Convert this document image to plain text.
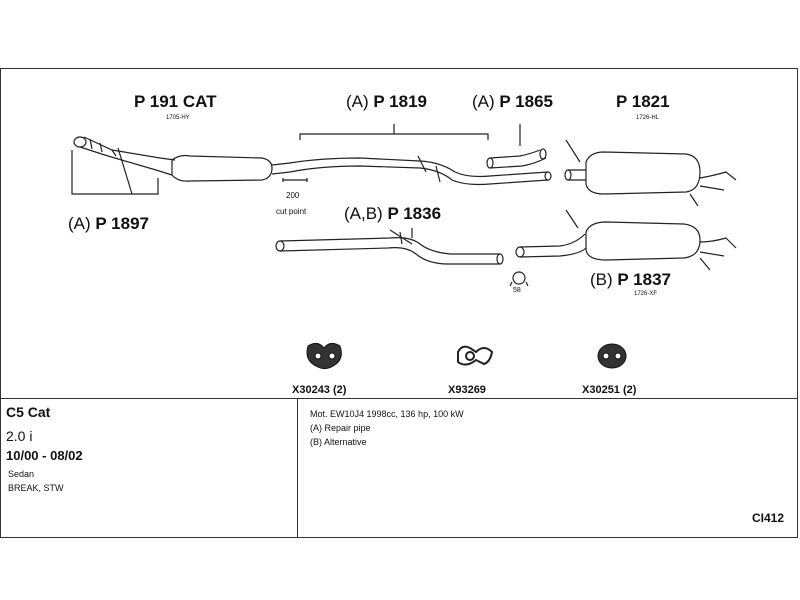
P 191 CAT
1705-HY
(A) P 1897
(A) P 1819	(A) P 1865	P 1821
1726-HL
(A,B) P 1836
(B) P 1837
1726-XF
200
cut point
58
X30243 (2)	X93269	X30251 (2)
C5 Cat
2.0 i
10/00 - 08/02
Sedan
BREAK, STW
Mot. EW10J4 1998cc, 136 hp, 100 kW
(A) Repair pipe
(B) Alternative
CI412
